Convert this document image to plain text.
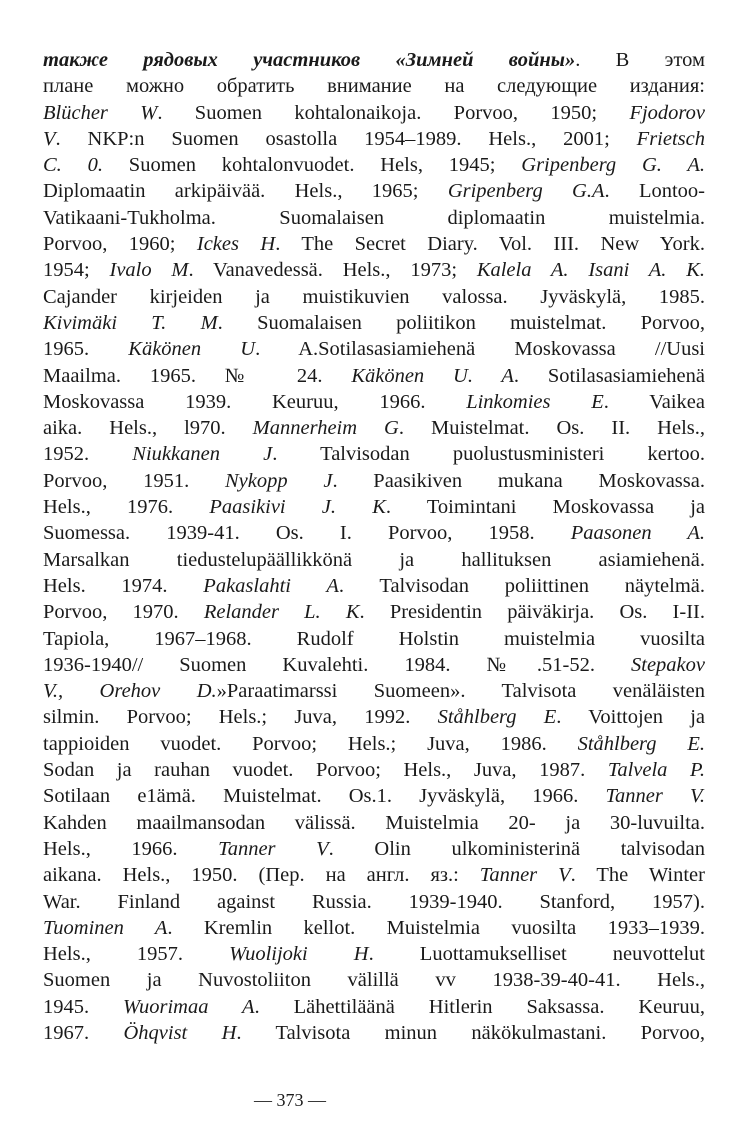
также рядовых участников «Зимней войны». В этом
плане можно обратить внимание на следующие издания:
Blücher W. Suomen kohtalonaikoja. Porvoo, 1950; Fjodorov
V. NKP:n Suomen osastolla 1954–1989. Hels., 2001; Frietsch
C. 0. Suomen kohtalonvuodet. Hels, 1945; Gripenberg G. A.
Diplomaatin arkipäivää. Hels., 1965; Gripenberg G.A. Lontoo-
Vatikaani-Tukholma. Suomalaisen diplomaatin muistelmia.
Porvoo, 1960; Ickes H. The Secret Diary. Vol. III. New York.
1954; Ivalo M. Vanavedessä. Hels., 1973; Kalela A. Isani A. K.
Cajander kirjeiden ja muistikuvien valossa. Jyväskylä, 1985.
Kivimäki T. M. Suomalaisen poliitikon muistelmat. Porvoo,
1965. Käkönen U. A.Sotilasasiamiehenä Moskovassa //Uusi
Maailma. 1965. № 24. Käkönen U. A. Sotilasasiamiehenä
Moskovassa 1939. Keuruu, 1966. Linkomies E. Vaikea
aika. Hels., l970. Mannerheim G. Muistelmat. Os. II. Hels.,
1952. Niukkanen J. Talvisodan puolustusministeri kertoo.
Porvoo, 1951. Nykopp J. Paasikiven mukana Moskovassa.
Hels., 1976. Paasikivi J. K. Toimintani Moskovassa ja
Suomessa. 1939-41. Os. I. Porvoo, 1958. Paasonen A.
Marsalkan tiedustelupäällikkönä ja hallituksen asiamiehenä.
Hels. 1974. Pakaslahti A. Talvisodan poliittinen näytelmä.
Porvoo, 1970. Relander L. K. Presidentin päiväkirja. Os. I-II.
Tapiola, 1967–1968. Rudolf Holstin muistelmia vuosilta
1936-1940// Suomen Kuvalehti. 1984. №.51-52. Stepakov
V., Orehov D.»Paraatimarssi Suomeen». Talvisota venäläisten
silmin. Porvoo; Hels.; Juva, 1992. Ståhlberg E. Voittojen ja
tappioiden vuodet. Porvoo; Hels.; Juva, 1986. Ståhlberg E.
Sodan ja rauhan vuodet. Porvoo; Hels., Juva, 1987. Talvela P.
Sotilaan e1ämä. Muistelmat. Os.1. Jyväskylä, 1966. Tanner V.
Kahden maailmansodan välissä. Muistelmia 20- ja 30-luvuilta.
Hels., 1966. Tanner V. Olin ulkoministerinä talvisodan
aikana. Hels., 1950. (Пер. на англ. яз.: Tanner V. The Winter
War. Finland against Russia. 1939-1940. Stanford, 1957).
Tuominen A. Kremlin kellot. Muistelmia vuosilta 1933–1939.
Hels., 1957. Wuolijoki H. Luottamukselliset neuvottelut
Suomen ja Nuvostoliiton välillä vv 1938-39-40-41. Hels.,
1945. Wuorimaa A. Lähettiläänä Hitlerin Saksassa. Keuruu,
1967. Öhqvist H. Talvisota minun näkökulmastani. Porvoo,
— 373 —
